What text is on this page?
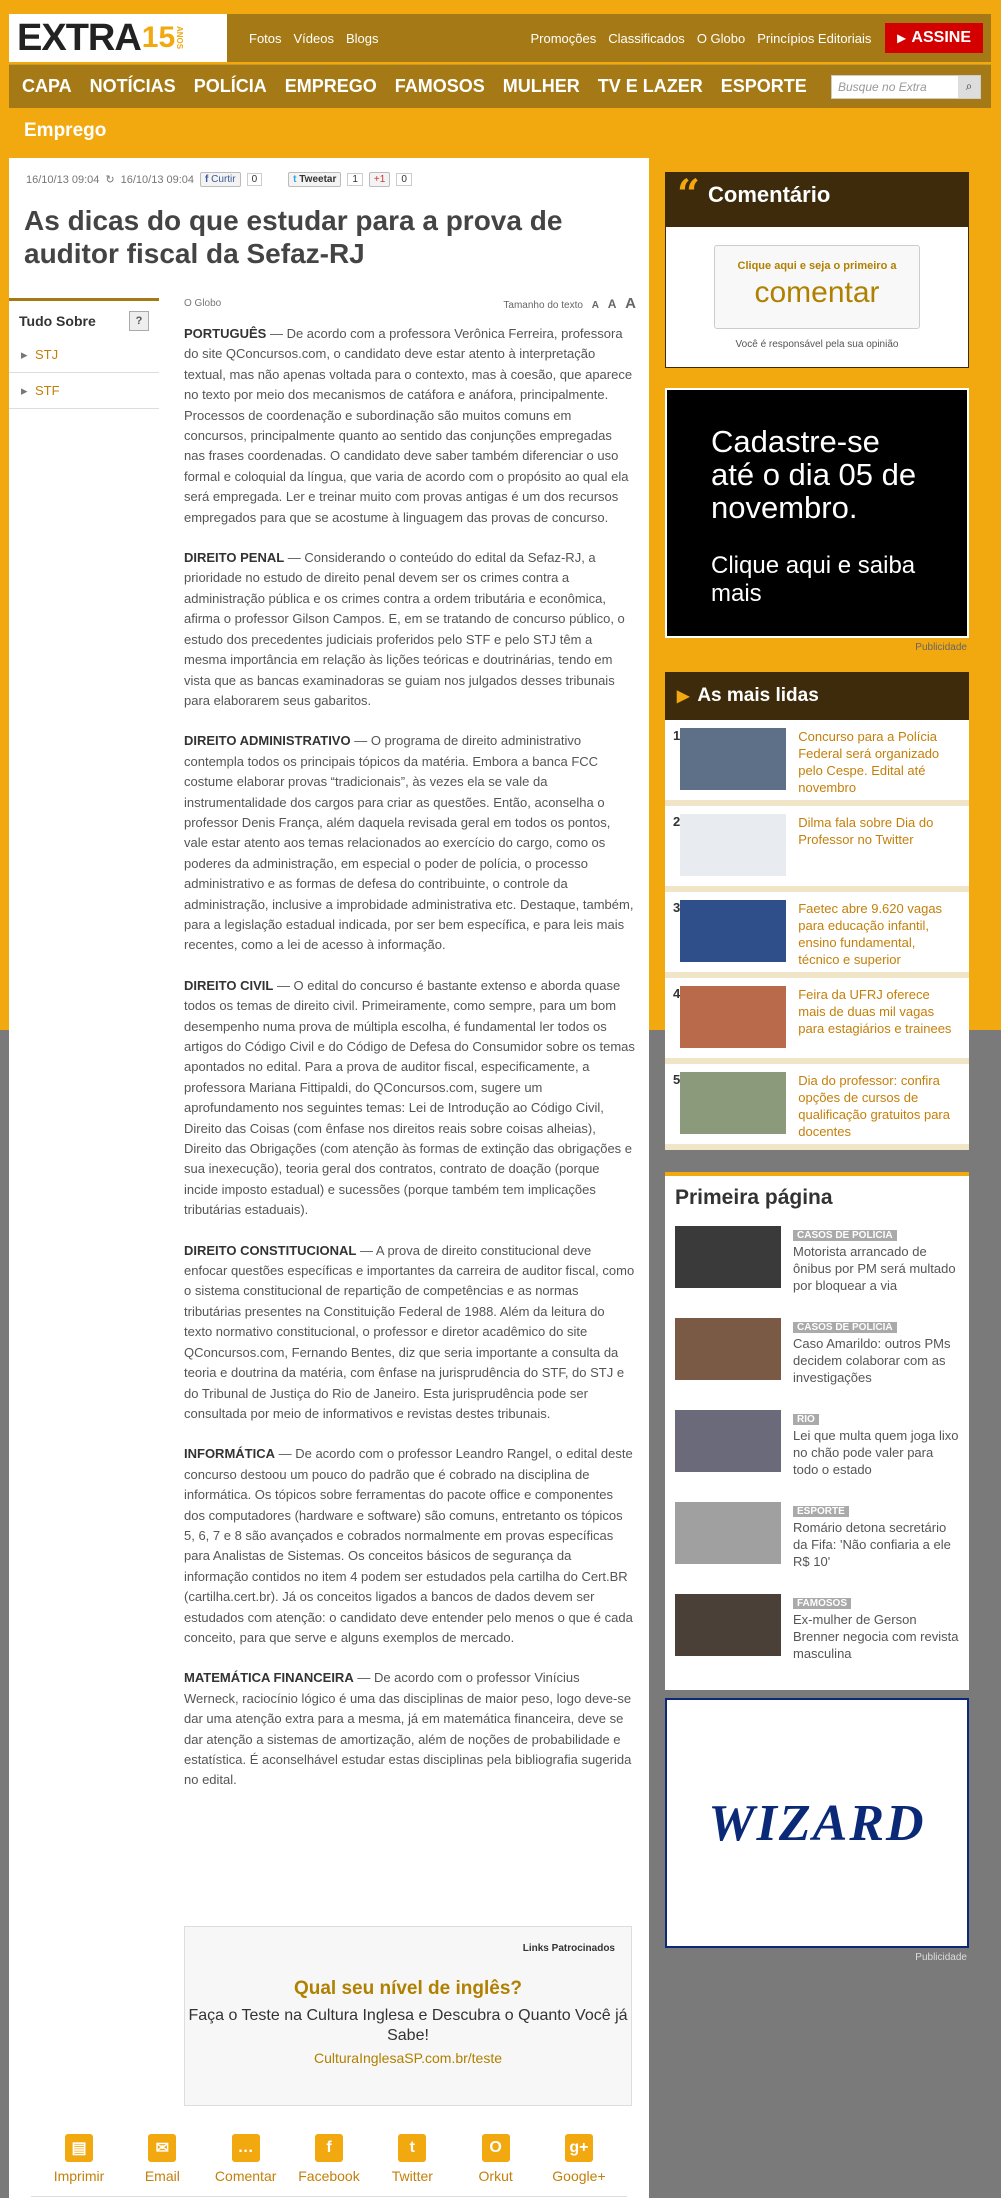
EXTRA 15 ANOS	Fotos Vídeos Blogs	Promoções Classificados O Globo Princípios Editoriais ▸ ASSINE
CAPA NOTÍCIAS POLÍCIA EMPREGO FAMOSOS MULHER TV E LAZER ESPORTE	Busque no Extra	⌕
Emprego
16/10/13 09:04 ↻ 16/10/13 09:04	f Curtir	0	t Tweetar	1	+1	0
As dicas do que estudar para a prova de auditor fiscal da Sefaz-RJ
Tudo Sobre	?
▸ STJ
▸ STF
O Globo	Tamanho do texto A A A

PORTUGUÊS — De acordo com a professora Verônica Ferreira, professora do site QConcursos.com, o candidato deve estar atento à interpretação textual, mas não apenas voltada para o contexto, mas à coesão, que aparece no texto por meio dos mecanismos de catáfora e anáfora, principalmente. Processos de coordenação e subordinação são muitos comuns em concursos, principalmente quanto ao sentido das conjunções empregadas nas frases coordenadas. O candidato deve saber também diferenciar o uso formal e coloquial da língua, que varia de acordo com o propósito ao qual ela será empregada. Ler e treinar muito com provas antigas é um dos recursos empregados para que se acostume à linguagem das provas de concurso.

DIREITO PENAL — Considerando o conteúdo do edital da Sefaz-RJ, a prioridade no estudo de direito penal devem ser os crimes contra a administração pública e os crimes contra a ordem tributária e econômica, afirma o professor Gilson Campos. E, em se tratando de concurso público, o estudo dos precedentes judiciais proferidos pelo STF e pelo STJ têm a mesma importância em relação às lições teóricas e doutrinárias, tendo em vista que as bancas examinadoras se guiam nos julgados desses tribunais para elaborarem seus gabaritos.

DIREITO ADMINISTRATIVO — O programa de direito administrativo contempla todos os principais tópicos da matéria. Embora a banca FCC costume elaborar provas “tradicionais”, às vezes ela se vale da instrumentalidade dos cargos para criar as questões. Então, aconselha o professor Denis França, além daquela revisada geral em todos os pontos, vale estar atento aos temas relacionados ao exercício do cargo, como os poderes da administração, em especial o poder de polícia, o processo administrativo e as formas de defesa do contribuinte, o controle da administração, inclusive a improbidade administrativa etc. Destaque, também, para a legislação estadual indicada, por ser bem específica, e para leis mais recentes, como a lei de acesso à informação.

DIREITO CIVIL — O edital do concurso é bastante extenso e aborda quase todos os temas de direito civil. Primeiramente, como sempre, para um bom desempenho numa prova de múltipla escolha, é fundamental ler todos os artigos do Código Civil e do Código de Defesa do Consumidor sobre os temas apontados no edital. Para a prova de auditor fiscal, especificamente, a professora Mariana Fittipaldi, do QConcursos.com, sugere um aprofundamento nos seguintes temas: Lei de Introdução ao Código Civil, Direito das Coisas (com ênfase nos direitos reais sobre coisas alheias), Direito das Obrigações (com atenção às formas de extinção das obrigações e sua inexecução), teoria geral dos contratos, contrato de doação (porque incide imposto estadual) e sucessões (porque também tem implicações tributárias estaduais).

DIREITO CONSTITUCIONAL — A prova de direito constitucional deve enfocar questões específicas e importantes da carreira de auditor fiscal, como o sistema constitucional de repartição de competências e as normas tributárias presentes na Constituição Federal de 1988. Além da leitura do texto normativo constitucional, o professor e diretor acadêmico do site QConcursos.com, Fernando Bentes, diz que seria importante a consulta da teoria e doutrina da matéria, com ênfase na jurisprudência do STF, do STJ e do Tribunal de Justiça do Rio de Janeiro. Esta jurisprudência pode ser consultada por meio de informativos e revistas destes tribunais.

INFORMÁTICA — De acordo com o professor Leandro Rangel, o edital deste concurso destoou um pouco do padrão que é cobrado na disciplina de informática. Os tópicos sobre ferramentas do pacote office e componentes dos computadores (hardware e software) são comuns, entretanto os tópicos 5, 6, 7 e 8 são avançados e cobrados normalmente em provas específicas para Analistas de Sistemas. Os conceitos básicos de segurança da informação contidos no item 4 podem ser estudados pela cartilha do Cert.BR (cartilha.cert.br). Já os conceitos ligados a bancos de dados devem ser estudados com atenção: o candidato deve entender pelo menos o que é cada conceito, para que serve e alguns exemplos de mercado.

MATEMÁTICA FINANCEIRA — De acordo com o professor Vinícius Werneck, raciocínio lógico é uma das disciplinas de maior peso, logo deve-se dar uma atenção extra para a mesma, já em matemática financeira, deve se dar atenção a sistemas de amortização, além de noções de probabilidade e estatística. É aconselhável estudar estas disciplinas pela bibliografia sugerida no edital.

Links Patrocinados
Qual seu nível de inglês?
Faça o Teste na Cultura Inglesa e Descubra o Quanto Você já Sabe!
CulturaInglesaSP.com.br/teste
▤
Imprimir
✉
Email
…
Comentar
f
Facebook
t
Twitter
O
Orkut
g+
Google+
“ Comentário
Clique aqui e seja o primeiro a
comentar
Você é responsável pela sua opinião
Cadastre-se até o dia 05 de novembro.
Clique aqui e saiba mais
Publicidade
▶ As mais lidas
1	Concurso para a Polícia Federal será organizado pelo Cespe. Edital até novembro
2	Dilma fala sobre Dia do Professor no Twitter
3	Faetec abre 9.620 vagas para educação infantil, ensino fundamental, técnico e superior
4	Feira da UFRJ oferece mais de duas mil vagas para estagiários e trainees
5	Dia do professor: confira opções de cursos de qualificação gratuitos para docentes
Primeira página
CASOS DE POLÍCIA
Motorista arrancado de ônibus por PM será multado por bloquear a via
CASOS DE POLÍCIA
Caso Amarildo: outros PMs decidem colaborar com as investigações
RIO
Lei que multa quem joga lixo no chão pode valer para todo o estado
ESPORTE
Romário detona secretário da Fifa: 'Não confiaria a ele R$ 10'
FAMOSOS
Ex-mulher de Gerson Brenner negocia com revista masculina
WIZARD
Publicidade
